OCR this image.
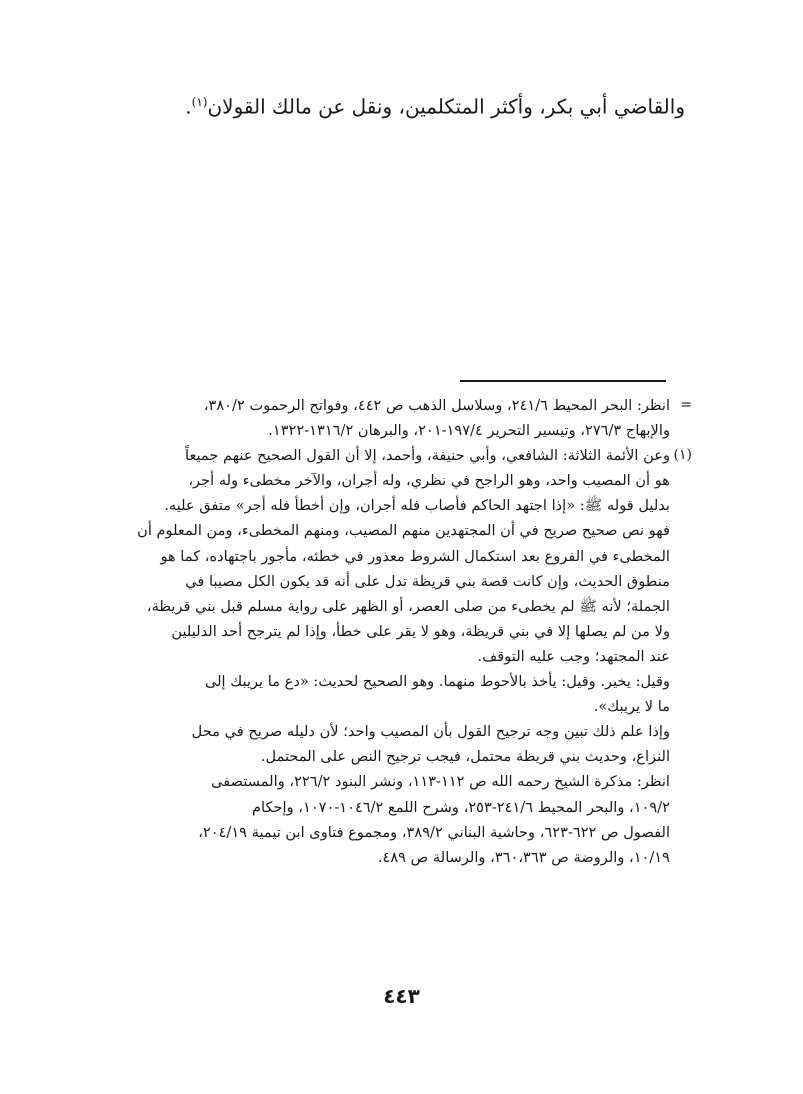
والقاضي أبي بكر، وأكثر المتكلمين، ونقل عن مالك القولان$^{(١)}$.
=
انظر: البحر المحيط ٢٤١/٦، وسلاسل الذهب ص ٤٤٢، وفواتح الرحموت ٣٨٠/٢،
والإبهاج ٢٧٦/٣، وتيسير التحرير ١٩٧/٤-٢٠١، والبرهان ١٣١٦/٢-١٣٢٢.
(١)
وعن الأئمة الثلاثة: الشافعي، وأبي حنيفة، وأحمد، إلا أن القول الصحيح عنهم جميعاً
هو أن المصيب واحد، وهو الراجح في نظري، وله أجران، والآخر مخطىء وله أجر،
بدليل قوله ﷺ: «إذا اجتهد الحاكم فأصاب فله أجران، وإن أخطأ فله أجر» متفق عليه.
فهو نص صحيح صريح في أن المجتهدين منهم المصيب، ومنهم المخطىء، ومن المعلوم أن
المخطىء في الفروع بعد استكمال الشروط معذور في خطئه، مأجور باجتهاده، كما هو
منطوق الحديث، وإن كانت قصة بني قريظة تدل على أنه قد يكون الكل مصيبا في
الجملة؛ لأنه ﷺ لم يخطىء من صلى العصر، أو الظهر على رواية مسلم قبل بني قريظة،
ولا من لم يصلها إلا في بني قريظة، وهو لا يقر على خطأ، وإذا لم يترجح أحد الدليلين
عند المجتهد؛ وجب عليه التوقف.
وقيل: يخير. وقيل: يأخذ بالأحوط منهما. وهو الصحيح لحديث: «دع ما يريبك إلى
ما لا يريبك».
وإذا علم ذلك تبين وجه ترجيح القول بأن المصيب واحد؛ لأن دليله صريح في محل
النزاع، وحديث بني قريظة محتمل، فيجب ترجيح النص على المحتمل.
انظر: مذكرة الشيخ رحمه الله ص ١١٢-١١٣، ونشر البنود ٢٢٦/٢، والمستصفى
١٠٩/٢، والبحر المحيط ٢٤١/٦-٢٥٣، وشرح اللمع ١٠٤٦/٢-١٠٧٠، وإحكام
الفصول ص ٦٢٢-٦٢٣، وحاشية البناني ٣٨٩/٢، ومجموع فتاوى ابن تيمية ٢٠٤/١٩،
١٠/١٩، والروضة ص ٣٦٠،٣٦٣، والرسالة ص ٤٨٩.
٤٤٣
